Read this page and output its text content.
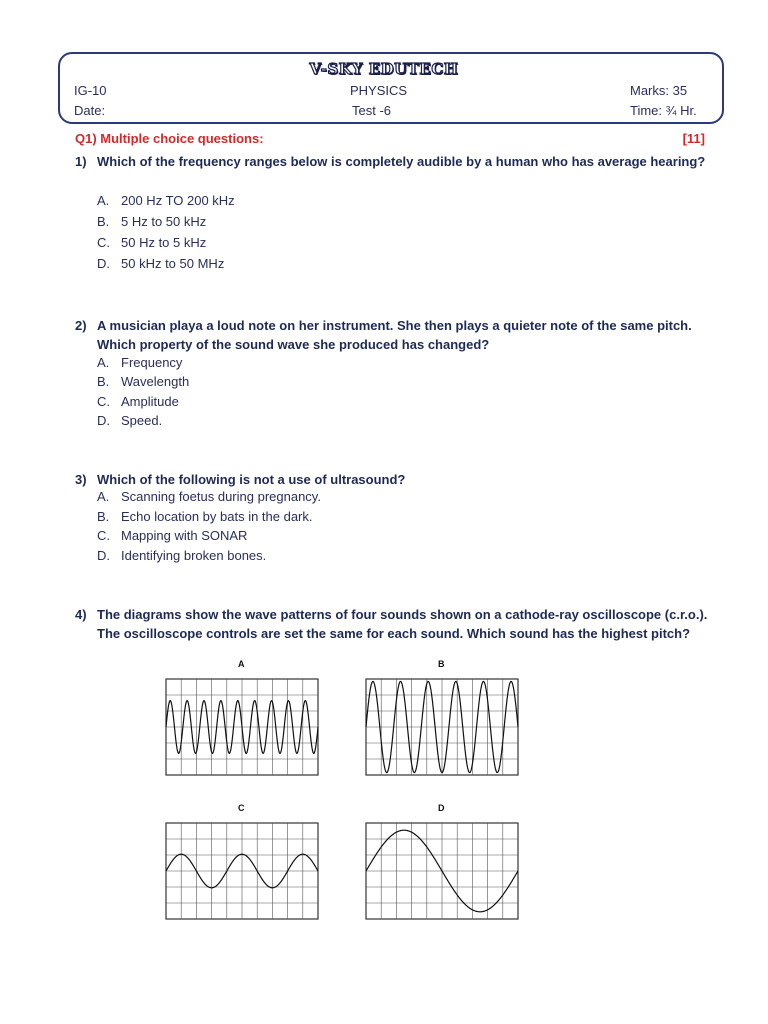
V-SKY EDUTECH
IG-10	PHYSICS	Marks: 35
Date:	Test -6	Time: ¾ Hr.
Q1) Multiple choice questions:	[11]
1) Which of the frequency ranges below is completely audible by a human who has average hearing?
A. 200 Hz TO 200 kHz
B. 5 Hz to 50 kHz
C. 50 Hz to 5 kHz
D. 50 kHz to 50 MHz
2) A musician playa a loud note on her instrument. She then plays a quieter note of the same pitch. Which property of the sound wave she produced has changed?
A. Frequency
B. Wavelength
C. Amplitude
D. Speed.
3) Which of the following is not a use of ultrasound?
A. Scanning foetus during pregnancy.
B. Echo location by bats in the dark.
C. Mapping with SONAR
D. Identifying broken bones.
4) The diagrams show the wave patterns of four sounds shown on a cathode-ray oscilloscope (c.r.o.). The oscilloscope controls are set the same for each sound. Which sound has the highest pitch?
A	B
C	D
